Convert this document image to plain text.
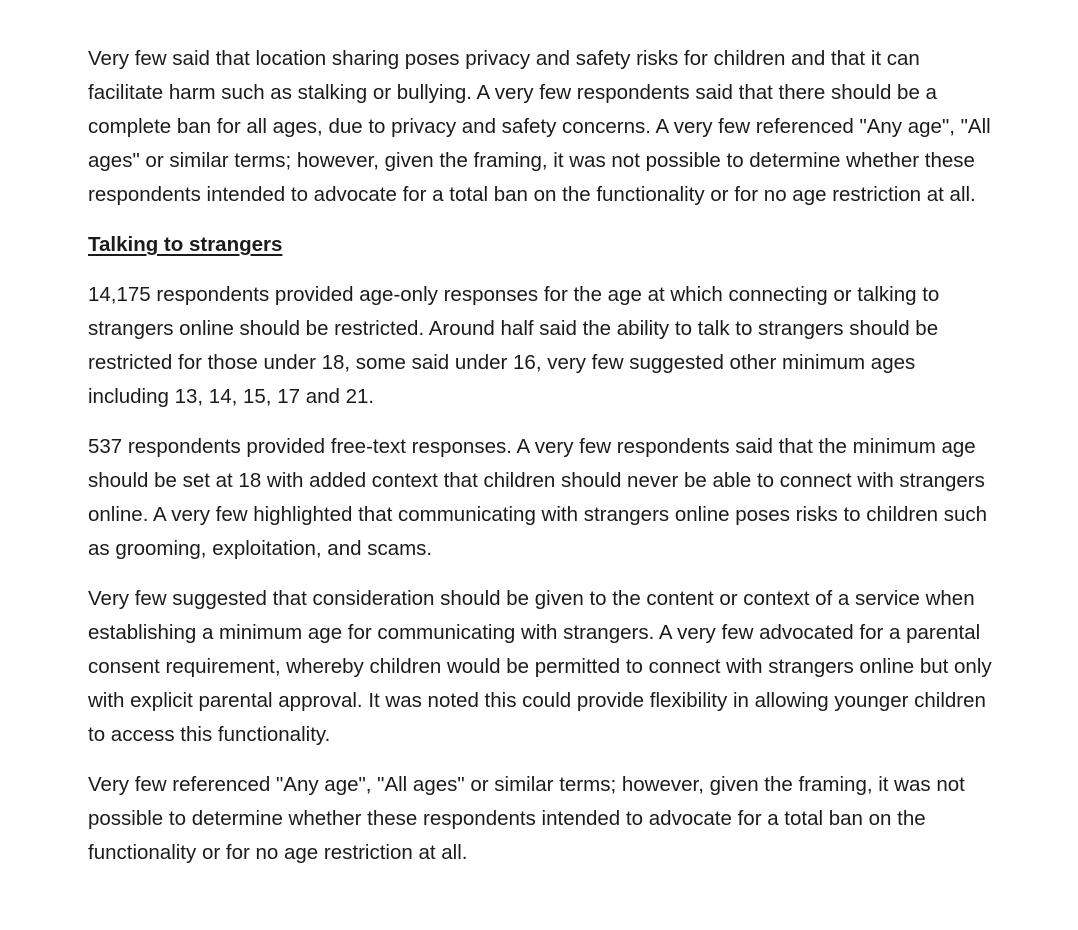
Very few said that location sharing poses privacy and safety risks for children and that it can facilitate harm such as stalking or bullying. A very few respondents said that there should be a complete ban for all ages, due to privacy and safety concerns. A very few referenced "Any age", "All ages" or similar terms; however, given the framing, it was not possible to determine whether these respondents intended to advocate for a total ban on the functionality or for no age restriction at all.

Talking to strangers

14,175 respondents provided age-only responses for the age at which connecting or talking to strangers online should be restricted. Around half said the ability to talk to strangers should be restricted for those under 18, some said under 16, very few suggested other minimum ages including 13, 14, 15, 17 and 21.

537 respondents provided free-text responses. A very few respondents said that the minimum age should be set at 18 with added context that children should never be able to connect with strangers online. A very few highlighted that communicating with strangers online poses risks to children such as grooming, exploitation, and scams.

Very few suggested that consideration should be given to the content or context of a service when establishing a minimum age for communicating with strangers. A very few advocated for a parental consent requirement, whereby children would be permitted to connect with strangers online but only with explicit parental approval. It was noted this could provide flexibility in allowing younger children to access this functionality.

Very few referenced "Any age", "All ages" or similar terms; however, given the framing, it was not possible to determine whether these respondents intended to advocate for a total ban on the functionality or for no age restriction at all.
